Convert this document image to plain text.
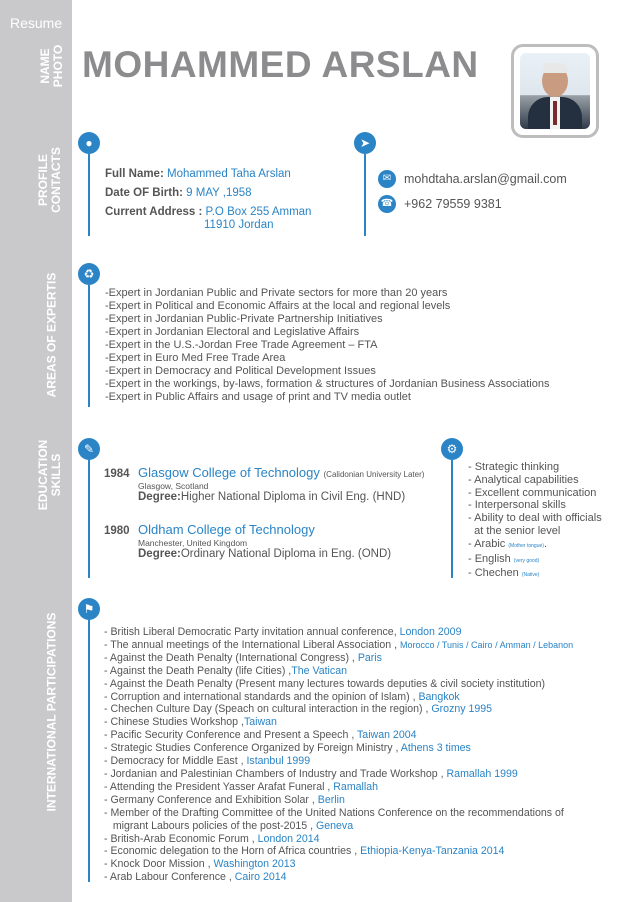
Resume
NAME PHOTO
PROFILE CONTACTS
AREAS OF EXPERTIS
EDUCATION SKILLS
INTERNATIONAL PARTICIPATIONS
MOHAMMED ARSLAN
●
Full Name: Mohammed Taha Arslan
Date OF Birth: 9 MAY ,1958
Current Address : P.O Box 255 Amman
11910 Jordan
➤
✉	mohdtaha.arslan@gmail.com
☎ +962 79559 9381
♻
-Expert in Jordanian Public and Private sectors for more than 20 years
-Expert in Political and Economic Affairs at the local and regional levels
-Expert in Jordanian Public-Private Partnership Initiatives
-Expert in Jordanian Electoral and Legislative Affairs
-Expert in the U.S.-Jordan Free Trade Agreement – FTA
-Expert in Euro Med Free Trade Area
-Expert in Democracy and Political Development Issues
-Expert in the workings, by-laws, formation & structures of Jordanian Business Associations
-Expert in Public Affairs and usage of print and TV media outlet
✎
1984 Glasgow College of Technology (Calidonian University Later)
Glasgow, Scotland
Degree:Higher National Diploma in Civil Eng. (HND)
1980 Oldham College of Technology
Manchester, United Kingdom
Degree:Ordinary National Diploma in Eng. (OND)
⚙
- Strategic thinking
- Analytical capabilities
- Excellent communication
- Interpersonal skills
- Ability to deal with officials
at the senior level
- Arabic (Mother tongue).
- English (very good)
- Chechen (Native)
⚑
- British Liberal Democratic Party invitation annual conference, London 2009
- The annual meetings of the International Liberal Association , Morocco / Tunis / Cairo / Amman / Lebanon
- Against the Death Penalty (International Congress) , Paris
- Against the Death Penalty (life Cities) ,The Vatican
- Against the Death Penalty (Present many lectures towards deputies & civil society institution)
- Corruption and international standards and the opinion of Islam) , Bangkok
- Chechen Culture Day (Speach on cultural interaction in the region) , Grozny 1995
- Chinese Studies Workshop ,Taiwan
- Pacific Security Conference and Present a Speech , Taiwan 2004
- Strategic Studies Conference Organized by Foreign Ministry , Athens 3 times
- Democracy for Middle East , Istanbul 1999
- Jordanian and Palestinian Chambers of Industry and Trade Workshop , Ramallah 1999
- Attending the President Yasser Arafat Funeral , Ramallah
- Germany Conference and Exhibition Solar , Berlin
- Member of the Drafting Committee of the United Nations Conference on the recommendations of
migrant Labours policies of the post-2015 , Geneva
- British-Arab Economic Forum , London 2014
- Economic delegation to the Horn of Africa countries , Ethiopia-Kenya-Tanzania 2014
- Knock Door Mission , Washington 2013
- Arab Labour Conference , Cairo 2014
